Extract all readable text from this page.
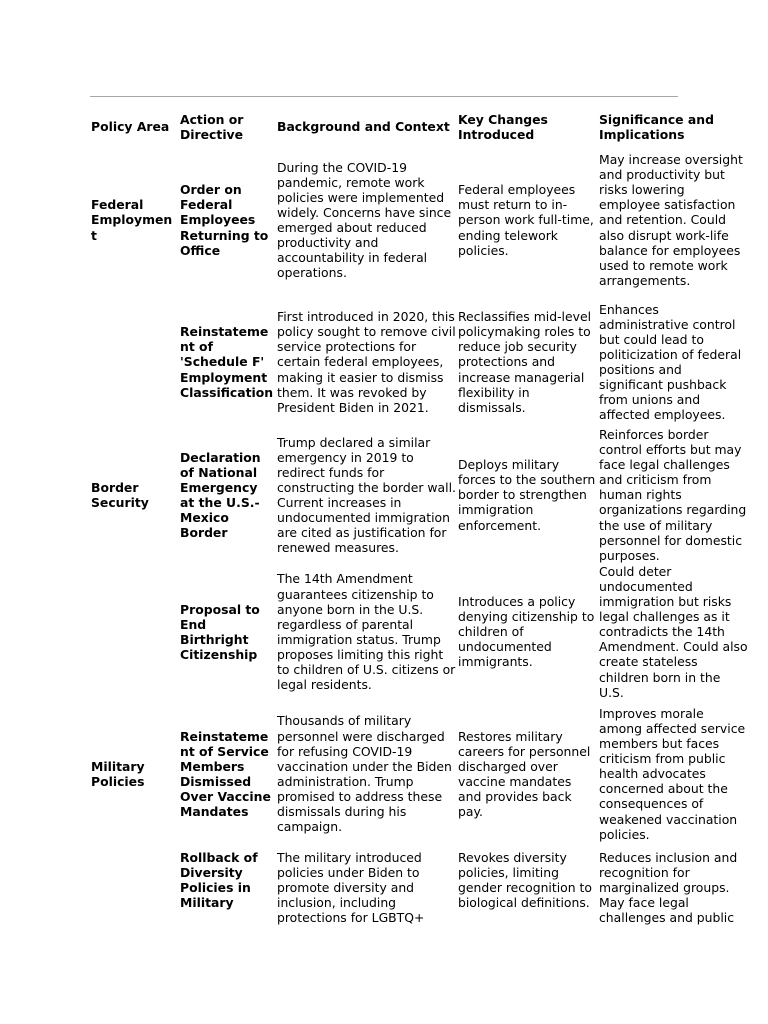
Policy Area	Action or Directive	Background and Context	Key Changes Introduced	Significance and Implications
Federal Employment	Order on Federal Employees Returning to Office	During the COVID-19 pandemic, remote work policies were implemented widely. Concerns have since emerged about reduced productivity and accountability in federal operations.	Federal employees must return to in-person work full-time, ending telework policies.	May increase oversight and productivity but risks lowering employee satisfaction and retention. Could also disrupt work-life balance for employees used to remote work arrangements.
	Reinstatement of 'Schedule F' Employment Classification	First introduced in 2020, this policy sought to remove civil service protections for certain federal employees, making it easier to dismiss them. It was revoked by President Biden in 2021.	Reclassifies mid-level policymaking roles to reduce job security protections and increase managerial flexibility in dismissals.	Enhances administrative control but could lead to politicization of federal positions and significant pushback from unions and affected employees.
Border Security	Declaration of National Emergency at the U.S.-Mexico Border	Trump declared a similar emergency in 2019 to redirect funds for constructing the border wall. Current increases in undocumented immigration are cited as justification for renewed measures.	Deploys military forces to the southern border to strengthen immigration enforcement.	Reinforces border control efforts but may face legal challenges and criticism from human rights organizations regarding the use of military personnel for domestic purposes.
	Proposal to End Birthright Citizenship	The 14th Amendment guarantees citizenship to anyone born in the U.S. regardless of parental immigration status. Trump proposes limiting this right to children of U.S. citizens or legal residents.	Introduces a policy denying citizenship to children of undocumented immigrants.	Could deter undocumented immigration but risks legal challenges as it contradicts the 14th Amendment. Could also create stateless children born in the U.S.
Military Policies	Reinstatement of Service Members Dismissed Over Vaccine Mandates	Thousands of military personnel were discharged for refusing COVID-19 vaccination under the Biden administration. Trump promised to address these dismissals during his campaign.	Restores military careers for personnel discharged over vaccine mandates and provides back pay.	Improves morale among affected service members but faces criticism from public health advocates concerned about the consequences of weakened vaccination policies.
	Rollback of Diversity Policies in Military	The military introduced policies under Biden to promote diversity and inclusion, including protections for LGBTQ+	Revokes diversity policies, limiting gender recognition to biological definitions.	Reduces inclusion and recognition for marginalized groups. May face legal challenges and public
